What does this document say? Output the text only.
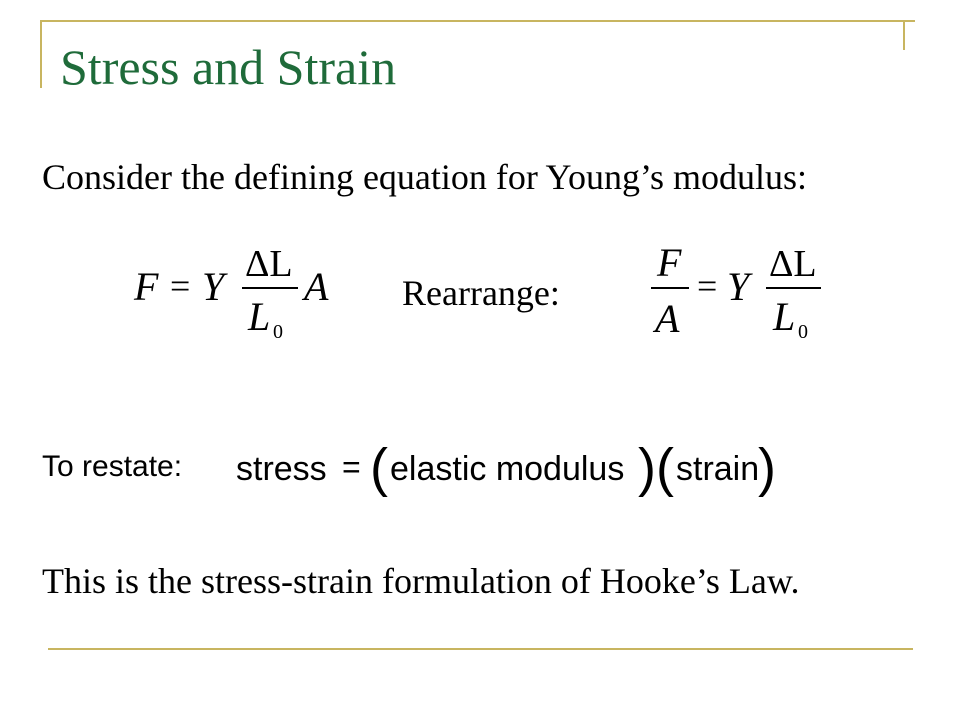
Stress and Strain
Consider the defining equation for Young’s modulus:
F = Y ΔL
L 0
A Rearrange:
F
A
= Y ΔL
L 0
To restate: stress = ( elastic modulus ) ( strain
)
This is the stress-strain formulation of Hooke’s Law.
